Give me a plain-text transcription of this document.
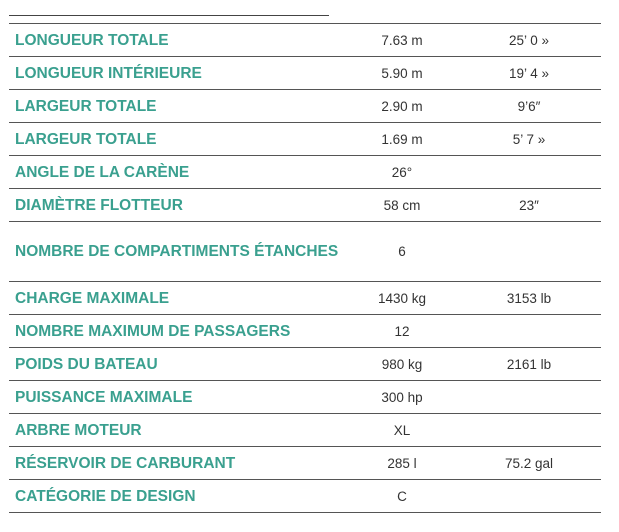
LONGUEUR TOTALE	7.63 m	25’ 0 »
LONGUEUR INTÉRIEURE	5.90 m	19’ 4 »
LARGEUR TOTALE	2.90 m	9’6″
LARGEUR TOTALE	1.69 m	5’ 7 »
ANGLE DE LA CARÈNE	26°
DIAMÈTRE FLOTTEUR	58 cm	23″
NOMBRE DE COMPARTIMENTS ÉTANCHES	6
CHARGE MAXIMALE	1430 kg	3153 lb
NOMBRE MAXIMUM DE PASSAGERS	12
POIDS DU BATEAU	980 kg	2161 lb
PUISSANCE MAXIMALE	300 hp
ARBRE MOTEUR	XL
RÉSERVOIR DE CARBURANT	285 l	75.2 gal
CATÉGORIE DE DESIGN	C
